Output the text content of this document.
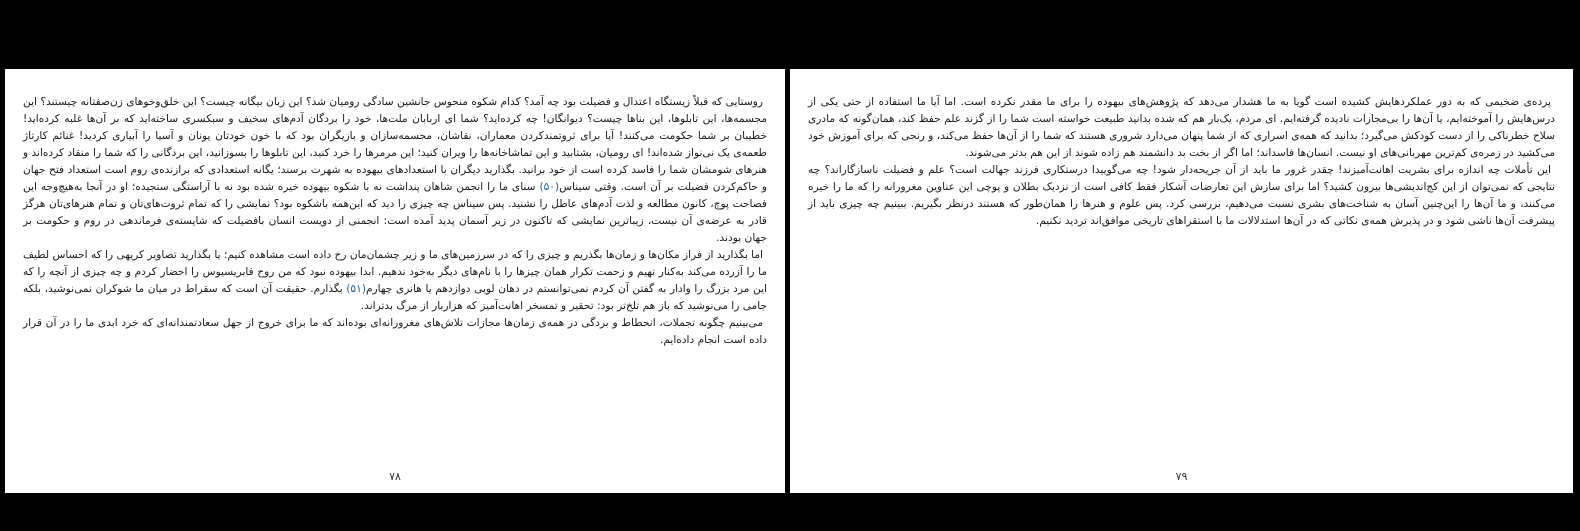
روستایی که قبلاً زیستگاه اعتدال و فضیلت بود چه آمد؟ کدام شکوه منحوس جانشین سادگی رومیان شد؟ این زبان بیگانه چیست؟ این خلق‌وخوهای زن‌صفتانه چیستند؟ این مجسمه‌ها، این تابلوها، این بناها چیست؟ دیوانگان! چه کرده‌اید؟ شما ای اربابان ملت‌ها، خود را بردگان آدم‌های سخیف و سبکسری ساخته‌اید که بر آن‌ها غلبه کرده‌اید! خطیبان بر شما حکومت می‌کنند! آیا برای ثروتمندکردن معماران، نقاشان، مجسمه‌سازان و بازیگران بود که با خون خودتان یونان و آسیا را آبیاری کردید! غنائم کارتاژ طعمه‌ی یک نی‌نواز شده‌اند! ای رومیان، بشتابید و این تماشاخانه‌ها را ویران کنید؛ این مرمرها را خرد کنید، این تابلوها را بسوزانید، این بردگانی را که شما را منقاد کرده‌اند و هنرهای شومشان شما را فاسد کرده است از خود برانید. بگذارید دیگران با استعدادهای بیهوده به شهرت برسند؛ یگانه استعدادی که برازنده‌ی روم است استعداد فتح جهان و حاکم‌کردن فضیلت بر آن است. وقتی سیناس(۵۰) سنای ما را انجمن شاهان پنداشت نه با شکوه بیهوده خیره شده بود نه با آراستگی سنجیده؛ او در آنجا به‌هیچ‌وجه این فصاحت پوچ، کانون مطالعه و لذت آدم‌های عاطل را نشنید. پس سیناس چه چیزی را دید که این‌همه باشکوه بود؟ نمایشی را که تمام ثروت‌های‌تان و تمام هنرهای‌تان هرگز قادر به عرضه‌ی آن نیست، زیباترین نمایشی که تاکنون در زیر آسمان پدید آمده است: انجمنی از دویست انسان بافضیلت که شایسته‌ی فرماندهی در روم و حکومت بر جهان بودند.

اما بگذارید از فراز مکان‌ها و زمان‌ها بگذریم و چیزی را که در سرزمین‌های ما و زیر چشمان‌مان رخ داده است مشاهده کنیم؛ یا بگذارید تصاویر کریهی را که احساس لطیف ما را آزرده می‌کند به‌کنار نهیم و زحمت تکرار همان چیزها را با نام‌های دیگر به‌خود ندهیم. ابدا بیهوده نبود که من روح فابریسیوس را احضار کردم و چه چیزی از آنچه را که این مرد بزرگ را وادار به گفتن آن کردم نمی‌توانستم در دهان لویی دوازدهم یا هانری چهارم(۵۱) بگذارم. حقیقت آن است که سقراط در میان ما شوکران نمی‌نوشید، بلکه جامی را می‌نوشید که باز هم تلخ‌تر بود: تحقیر و تمسخر اهانت‌آمیز که هزاربار از مرگ بدتراند.

می‌بینیم چگونه تجملات، انحطاط و بردگی در همه‌ی زمان‌ها مجازات تلاش‌های مغرورانه‌ای بوده‌اند که ما برای خروج از جهل سعادتمندانه‌ای که خرد ابدی ما را در آن قرار داده است انجام داده‌ایم.

۷۸

پرده‌ی ضخیمی که به دور عملکردهایش کشیده است گویا به ما هشدار می‌دهد که پژوهش‌های بیهوده را برای ما مقدر نکرده است. اما آیا ما استفاده از حتی یکی از درس‌هایش را آموخته‌ایم، یا آن‌ها را بی‌مجازات نادیده گرفته‌ایم. ای مردم، یک‌بار هم که شده بدانید طبیعت خواسته است شما را از گزند علم حفظ کند، همان‌گونه که مادری سلاح خطرناکی را از دست کودکش می‌گیرد؛ بدانید که همه‌ی اسراری که از شما پنهان می‌دارد شروری هستند که شما را از آن‌ها حفظ می‌کند، و رنجی که برای آموزش خود می‌کشید در زمره‌ی کم‌ترین مهربانی‌های او نیست. انسان‌ها فاسداند؛ اما اگر از بخت بد دانشمند هم زاده شوند از این هم بدتر می‌شوند.

این تأملات چه اندازه برای بشریت اهانت‌آمیزند! چقدر غرور ما باید از آن جریحه‌دار شود! چه می‌گوییدا درستکاری فرزند جهالت است؟ علم و فضیلت ناسازگاراند؟ چه نتایجی که نمی‌توان از این کج‌اندیشی‌ها بیرون کشید؟ اما برای سازش این تعارضات آشکار فقط کافی است از نزدیک بطلان و پوچی این عناوین مغرورانه را که ما را خیره می‌کنند، و ما آن‌ها را این‌چنین آسان به شناخت‌های بشری نسبت می‌دهیم، بررسی کرد. پس علوم و هنرها را همان‌طور که هستند درنظر بگیریم. ببینیم چه چیزی باید از پیشرفت آن‌ها ناشی شود و در پذیرش همه‌ی نکاتی که در آن‌ها استدلالات ما با استقراهای تاریخی موافق‌اند تردید نکنیم.

۷۹
